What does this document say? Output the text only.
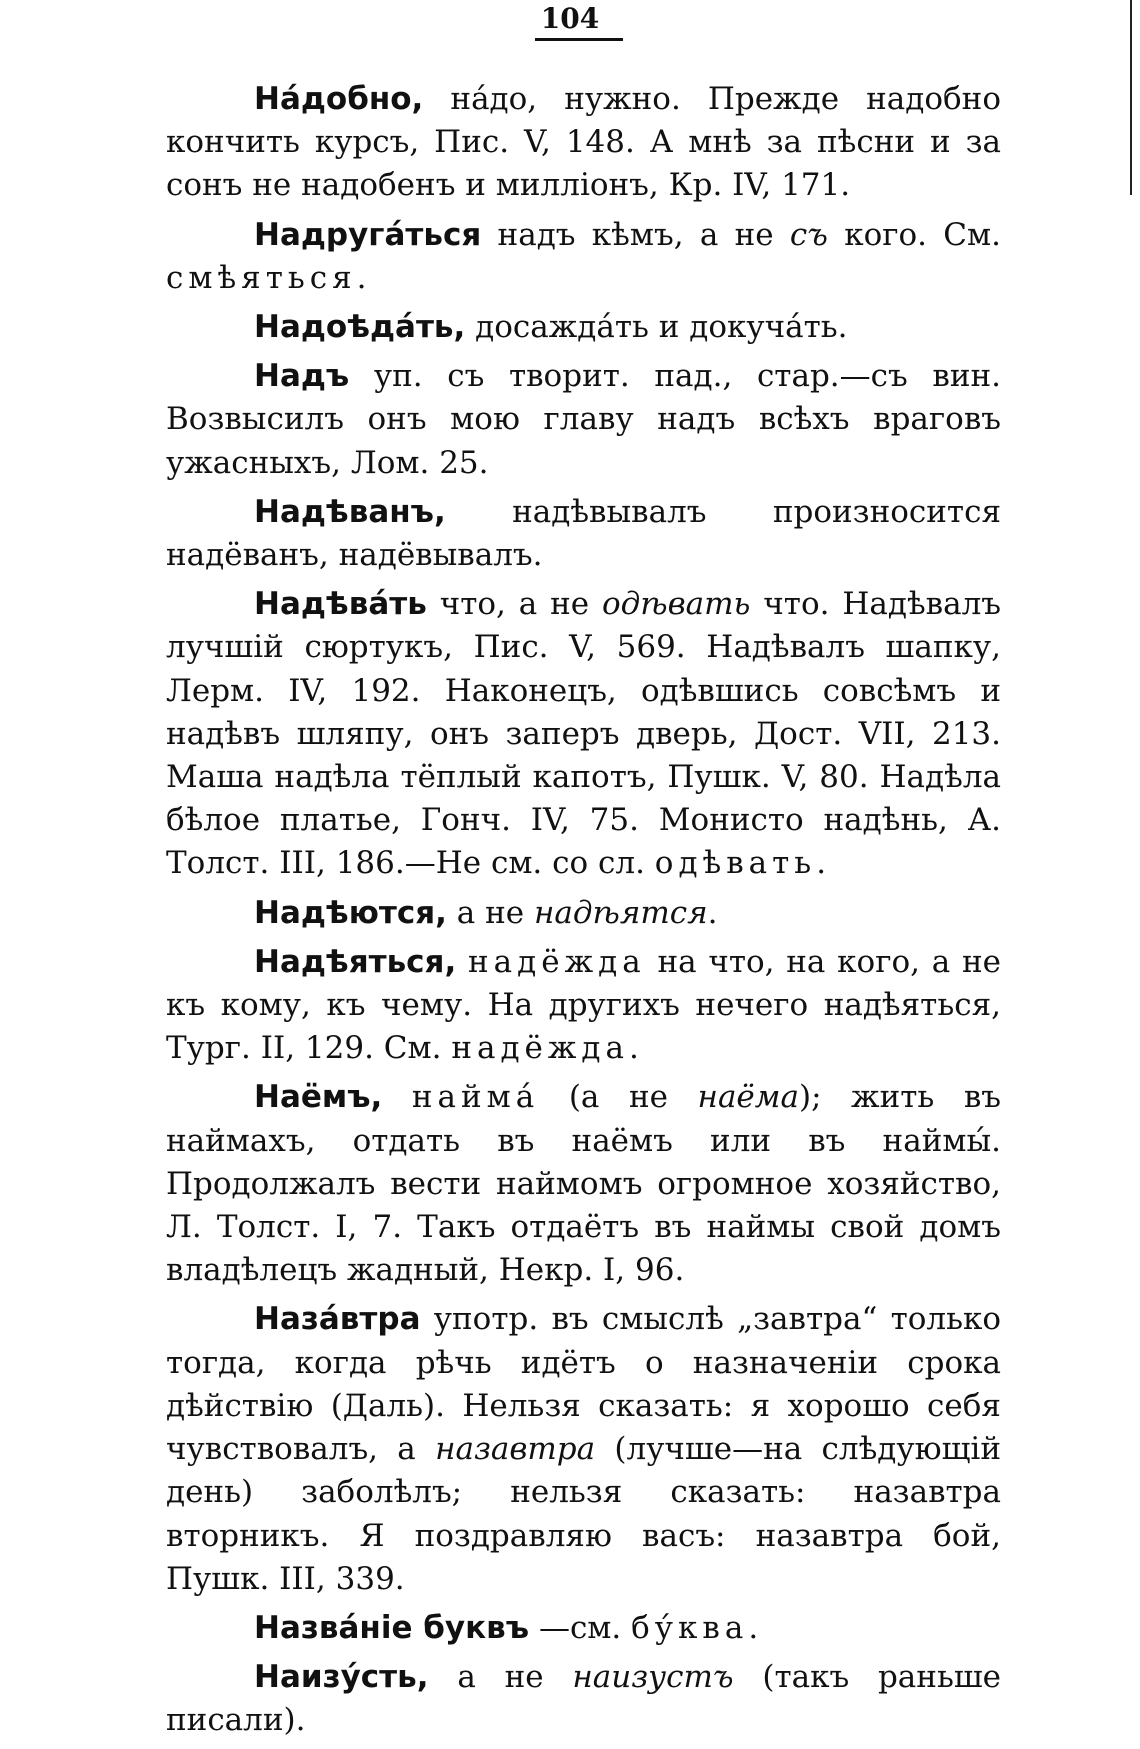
104

На́добно, на́до, нужно. Прежде надобно кончить курсъ, Пис. V, 148. А мнѣ за пѣсни и за сонъ не надобенъ и милліонъ, Кр. IV, 171.

Надруга́ться надъ кѣмъ, а не съ кого. См. смѣяться.

Надоѣда́ть, досажда́ть и докуча́ть.

Надъ уп. съ творит. пад., стар.—съ вин. Возвысилъ онъ мою главу надъ всѣхъ враговъ ужасныхъ, Лом. 25.

Надѣванъ, надѣвывалъ произносится надёванъ, надёвывалъ.

Надѣва́ть что, а не одѣвать что. Надѣвалъ лучшій сюртукъ, Пис. V, 569. Надѣвалъ шапку, Лерм. IV, 192. Наконецъ, одѣвшись совсѣмъ и надѣвъ шляпу, онъ заперъ дверь, Дост. VII, 213. Маша надѣла тёплый капотъ, Пушк. V, 80. Надѣла бѣлое платье, Гонч. IV, 75. Монисто надѣнь, А. Толст. III, 186.—Не см. со сл. одѣвать.

Надѣются, а не надѣятся.

Надѣяться, надёжда на что, на кого, а не къ кому, къ чему. На другихъ нечего надѣяться, Тург. II, 129. См. надёжда.

Наёмъ, найма́ (а не наёма); жить въ наймахъ, отдать въ наёмъ или въ наймы́. Продолжалъ вести наймомъ огромное хозяйство, Л. Толст. I, 7. Такъ отдаётъ въ наймы свой домъ владѣлецъ жадный, Некр. I, 96.

Наза́втра употр. въ смыслѣ „завтра“ только тогда, когда рѣчь идётъ о назначеніи срока дѣйствію (Даль). Нельзя сказать: я хорошо себя чувствовалъ, а назавтра (лучше—на слѣдующій день) заболѣлъ; нельзя сказать: назавтра вторникъ. Я поздравляю васъ: назавтра бой, Пушк. III, 339.

Назва́ніе буквъ —см. бу́ква.

Наизу́сть, а не наизустъ (такъ раньше писали).
